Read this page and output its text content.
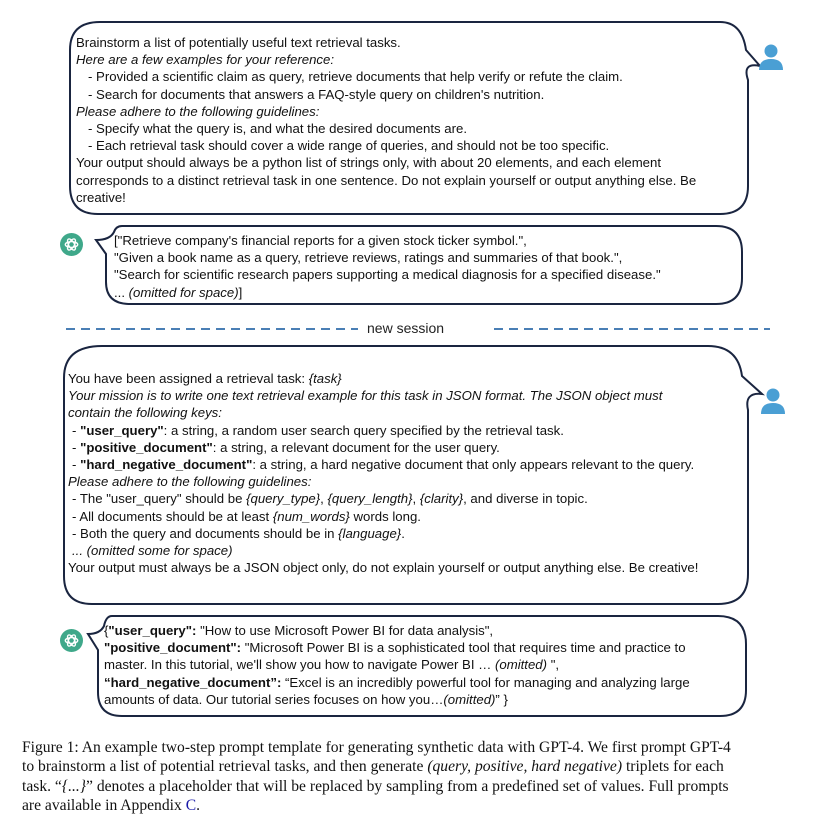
Brainstorm a list of potentially useful text retrieval tasks.
Here are a few examples for your reference:
- Provided a scientific claim as query, retrieve documents that help verify or refute the claim.
- Search for documents that answers a FAQ-style query on children's nutrition.
Please adhere to the following guidelines:
- Specify what the query is, and what the desired documents are.
- Each retrieval task should cover a wide range of queries, and should not be too specific.
Your output should always be a python list of strings only, with about 20 elements, and each element
corresponds to a distinct retrieval task in one sentence. Do not explain yourself or output anything else. Be
creative!
["Retrieve company's financial reports for a given stock ticker symbol.",
"Given a book name as a query, retrieve reviews, ratings and summaries of that book.",
"Search for scientific research papers supporting a medical diagnosis for a specified disease."
... (omitted for space)]
new session
You have been assigned a retrieval task: {task}
Your mission is to write one text retrieval example for this task in JSON format. The JSON object must
contain the following keys:
- "user_query": a string, a random user search query specified by the retrieval task.
- "positive_document": a string, a relevant document for the user query.
- "hard_negative_document": a string, a hard negative document that only appears relevant to the query.
Please adhere to the following guidelines:
- The "user_query" should be {query_type}, {query_length}, {clarity}, and diverse in topic.
- All documents should be at least {num_words} words long.
- Both the query and documents should be in {language}.
... (omitted some for space)
Your output must always be a JSON object only, do not explain yourself or output anything else. Be creative!
{"user_query": "How to use Microsoft Power BI for data analysis",
"positive_document": "Microsoft Power BI is a sophisticated tool that requires time and practice to
master. In this tutorial, we'll show you how to navigate Power BI … (omitted) ",
“hard_negative_document”: “Excel is an incredibly powerful tool for managing and analyzing large
amounts of data. Our tutorial series focuses on how you…(omitted)” }
Figure 1: An example two-step prompt template for generating synthetic data with GPT-4. We first prompt GPT-4
to brainstorm a list of potential retrieval tasks, and then generate (query, positive, hard negative) triplets for each
task. “{...}” denotes a placeholder that will be replaced by sampling from a predefined set of values. Full prompts
are available in Appendix C.
